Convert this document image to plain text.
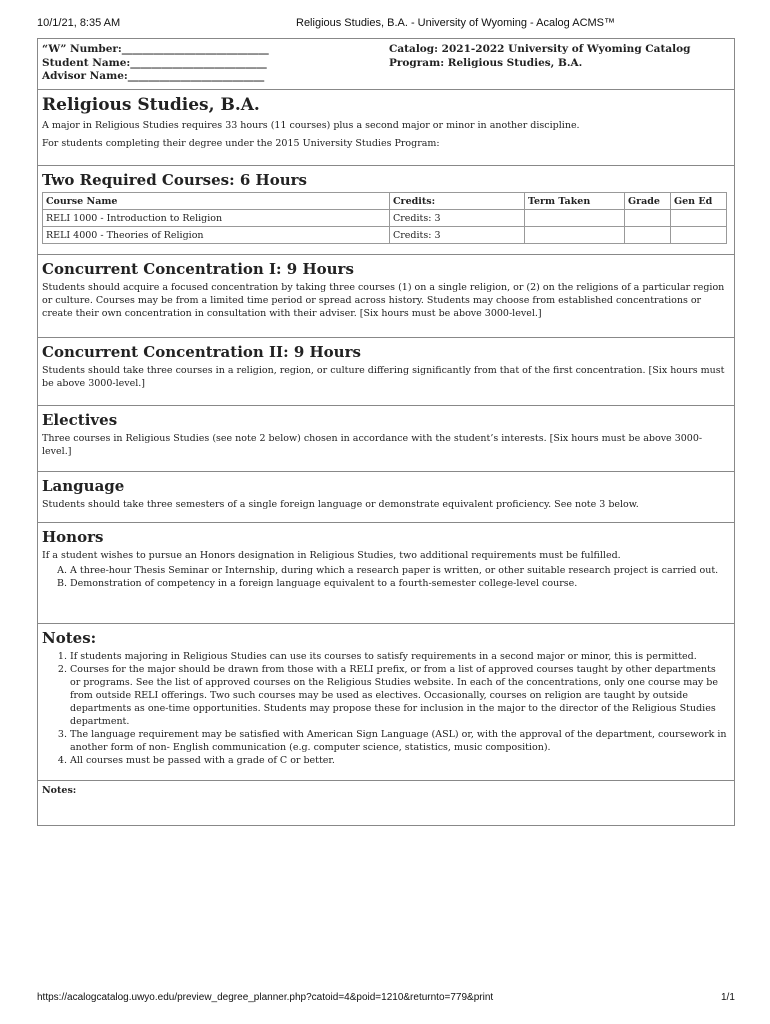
10/1/21, 8:35 AM	Religious Studies, B.A. - University of Wyoming - Acalog ACMS™
“W” Number:____________________________
Student Name:__________________________
Advisor Name:__________________________
Catalog: 2021-2022 University of Wyoming Catalog
Program: Religious Studies, B.A.
Religious Studies, B.A.

A major in Religious Studies requires 33 hours (11 courses) plus a second major or minor in another discipline.

For students completing their degree under the 2015 University Studies Program:

Two Required Courses: 6 Hours
Course Name	Credits:	Term Taken	Grade	Gen Ed
RELI 1000 - Introduction to Religion	Credits: 3			
RELI 4000 - Theories of Religion	Credits: 3			
Concurrent Concentration I: 9 Hours

Students should acquire a focused concentration by taking three courses (1) on a single religion, or (2) on the religions of a particular region or culture. Courses may be from a limited time period or spread across history. Students may choose from established concentrations or create their own concentration in consultation with their adviser. [Six hours must be above 3000-level.]

Concurrent Concentration II: 9 Hours

Students should take three courses in a religion, region, or culture differing significantly from that of the first concentration. [Six hours must be above 3000-level.]

Electives

Three courses in Religious Studies (see note 2 below) chosen in accordance with the student’s interests. [Six hours must be above 3000-level.]

Language

Students should take three semesters of a single foreign language or demonstrate equivalent proficiency. See note 3 below.

Honors

If a student wishes to pursue an Honors designation in Religious Studies, two additional requirements must be fulfilled.

A. A three-hour Thesis Seminar or Internship, during which a research paper is written, or other suitable research project is carried out.
B. Demonstration of competency in a foreign language equivalent to a fourth-semester college-level course.
Notes:
1. If students majoring in Religious Studies can use its courses to satisfy requirements in a second major or minor, this is permitted.
2. Courses for the major should be drawn from those with a RELI prefix, or from a list of approved courses taught by other departments or programs. See the list of approved courses on the Religious Studies website. In each of the concentrations, only one course may be from outside RELI offerings. Two such courses may be used as electives. Occasionally, courses on religion are taught by outside departments as one-time opportunities. Students may propose these for inclusion in the major to the director of the Religious Studies department.
3. The language requirement may be satisfied with American Sign Language (ASL) or, with the approval of the department, coursework in another form of non- English communication (e.g. computer science, statistics, music composition).
4. All courses must be passed with a grade of C or better.
Notes:
https://acalogcatalog.uwyo.edu/preview_degree_planner.php?catoid=4&poid=1210&returnto=779&print	1/1
